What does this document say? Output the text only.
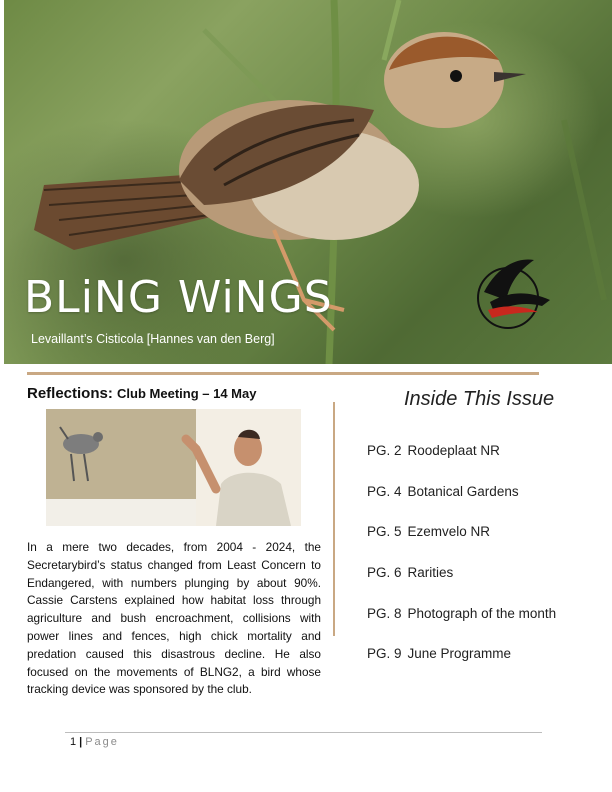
BLiNG WiNGS
Levaillant’s Cisticola [Hannes van den Berg]
Reflections: Club Meeting – 14 May
In a mere two decades, from 2004 - 2024, the Secretarybird’s status changed from Least Concern to Endangered, with numbers plunging by about 90%. Cassie Carstens explained how habitat loss through agriculture and bush encroachment, collisions with power lines and fences, high chick mortality and predation caused this disastrous decline. He also focused on the movements of BLNG2, a bird whose tracking device was sponsored by the club.
Inside This Issue
PG. 2 Roodeplaat NR
PG. 4 Botanical Gardens
PG. 5 Ezemvelo NR
PG. 6 Rarities
PG. 8 Photograph of the month
PG. 9 June Programme
1 | Page
